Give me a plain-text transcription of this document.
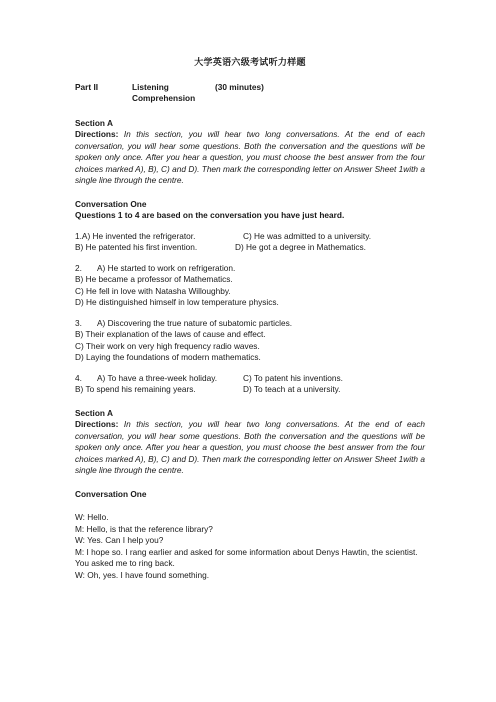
大学英语六级考试听力样题
Part II	Listening Comprehension
(30 minutes)
Section A

Directions: In this section, you will hear two long conversations. At the end of each conversation, you will hear some questions. Both the conversation and the questions will be spoken only once. After you hear a question, you must choose the best answer from the four choices marked A), B), C) and D). Then mark the corresponding letter on Answer Sheet 1with a single line through the centre.

Conversation One
Questions 1 to 4 are based on the conversation you have just heard.
1.A) He invented the refrigerator.	C) He was admitted to a university.
B) He patented his first invention.	D) He got a degree in Mathematics.
2.	A) He started to work on refrigeration.
B) He became a professor of Mathematics.
C) He fell in love with Natasha Willoughby.
D) He distinguished himself in low temperature physics.
3.	A) Discovering the true nature of subatomic particles.
B) Their explanation of the laws of cause and effect.
C) Their work on very high frequency radio waves.
D) Laying the foundations of modern mathematics.
4.	A) To have a three-week holiday.	C) To patent his inventions.
B) To spend his remaining years.	D) To teach at a university.
Section A

Directions: In this section, you will hear two long conversations. At the end of each conversation, you will hear some questions. Both the conversation and the questions will be spoken only once. After you hear a question, you must choose the best answer from the four choices marked A), B), C) and D). Then mark the corresponding letter on Answer Sheet 1with a single line through the centre.

Conversation One

W: Hello.

M: Hello, is that the reference library?

W: Yes. Can I help you?

M: I hope so. I rang earlier and asked for some information about Denys Hawtin, the scientist. You asked me to ring back.

W: Oh, yes. I have found something.
